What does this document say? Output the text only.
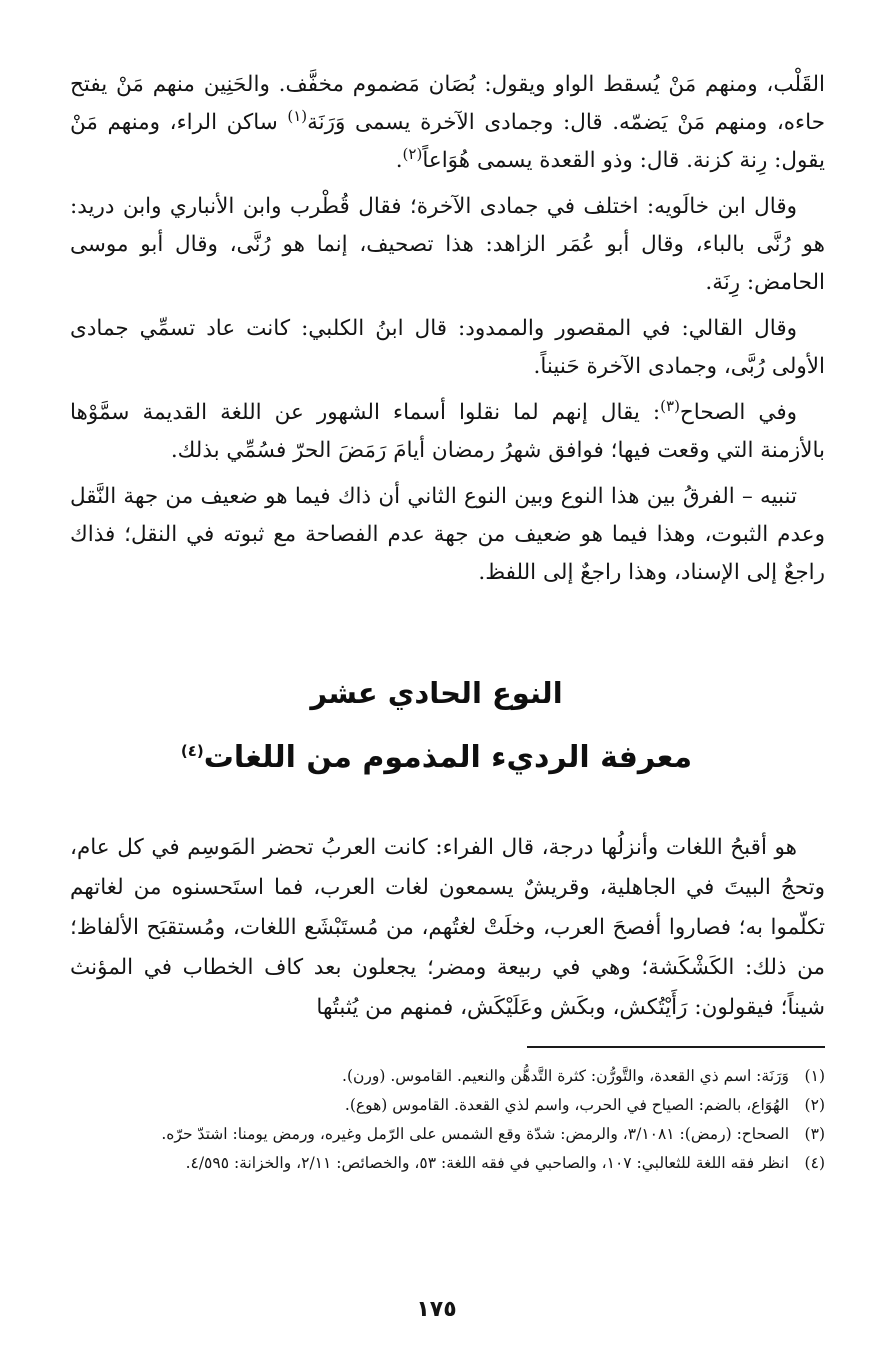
القَلْب، ومنهم مَنْ يُسقط الواو ويقول: بُصَان مَضموم مخفَّف. والحَنِين منهم مَنْ يفتح حاءه، ومنهم مَنْ يَضمّه. قال: وجمادى الآخرة يسمى وَرَنَة$^{(١)}$ ساكن الراء، ومنهم مَنْ يقول: رِنة كزنة. قال: وذو القعدة يسمى هُوَاعاً$^{(٢)}$.

وقال ابن خالَويه: اختلف في جمادى الآخرة؛ فقال قُطْرب وابن الأنباري وابن دريد: هو رُنَّى بالباء، وقال أبو عُمَر الزاهد: هذا تصحيف، إنما هو رُنَّى، وقال أبو موسى الحامض: رِنَة.

وقال القالي: في المقصور والممدود: قال ابنُ الكلبي: كانت عاد تسمِّي جمادى الأولى رُبَّى، وجمادى الآخرة حَنيناً.

وفي الصحاح$^{(٣)}$: يقال إنهم لما نقلوا أسماء الشهور عن اللغة القديمة سمَّوْها بالأزمنة التي وقعت فيها؛ فوافق شهرُ رمضان أيامَ رَمَضَ الحرّ فسُمِّي بذلك.

تنبيه – الفرقُ بين هذا النوع وبين النوع الثاني أن ذاك فيما هو ضعيف من جهة النَّقل وعدم الثبوت، وهذا فيما هو ضعيف من جهة عدم الفصاحة مع ثبوته في النقل؛ فذاك راجعٌ إلى الإسناد، وهذا راجعٌ إلى اللفظ.

النوع الحادي عشر
معرفة الرديء المذموم من اللغات$^{(٤)}$

هو أقبحُ اللغات وأنزلُها درجة، قال الفراء: كانت العربُ تحضر المَوسِم في كل عام، وتحجُ البيتَ في الجاهلية، وقريشٌ يسمعون لغات العرب، فما استَحسنوه من لغاتهم تكلّموا به؛ فصاروا أفصحَ العرب، وخلَتْ لغتُهم، من مُستَبْشَع اللغات، ومُستقبَح الألفاظ؛ من ذلك: الكَشْكَشة؛ وهي في ربيعة ومضر؛ يجعلون بعد كاف الخطاب في المؤنث شيناً؛ فيقولون: رَأَيْتُكش، وبكَش وعَلَيْكَش، فمنهم من يُثبتُها

(١)
وَرَنَة: اسم ذي القعدة، والتَّورُّن: كثرة التَّدهُّن والنعيم. القاموس. (ورن).
(٢)
الهُوَاع، بالضم: الصياح في الحرب، واسم لذي القعدة. القاموس (هوع).
(٣)
الصحاح: (رمض): ٣/١٠٨١، والرمض: شدّة وقع الشمس على الرّمل وغيره، ورمض يومنا: اشتدّ حرّه.
(٤)
انظر فقه اللغة للثعالبي: ١٠٧، والصاحبي في فقه اللغة: ٥٣، والخصائص: ٢/١١، والخزانة: ٤/٥٩٥.
١٧٥
